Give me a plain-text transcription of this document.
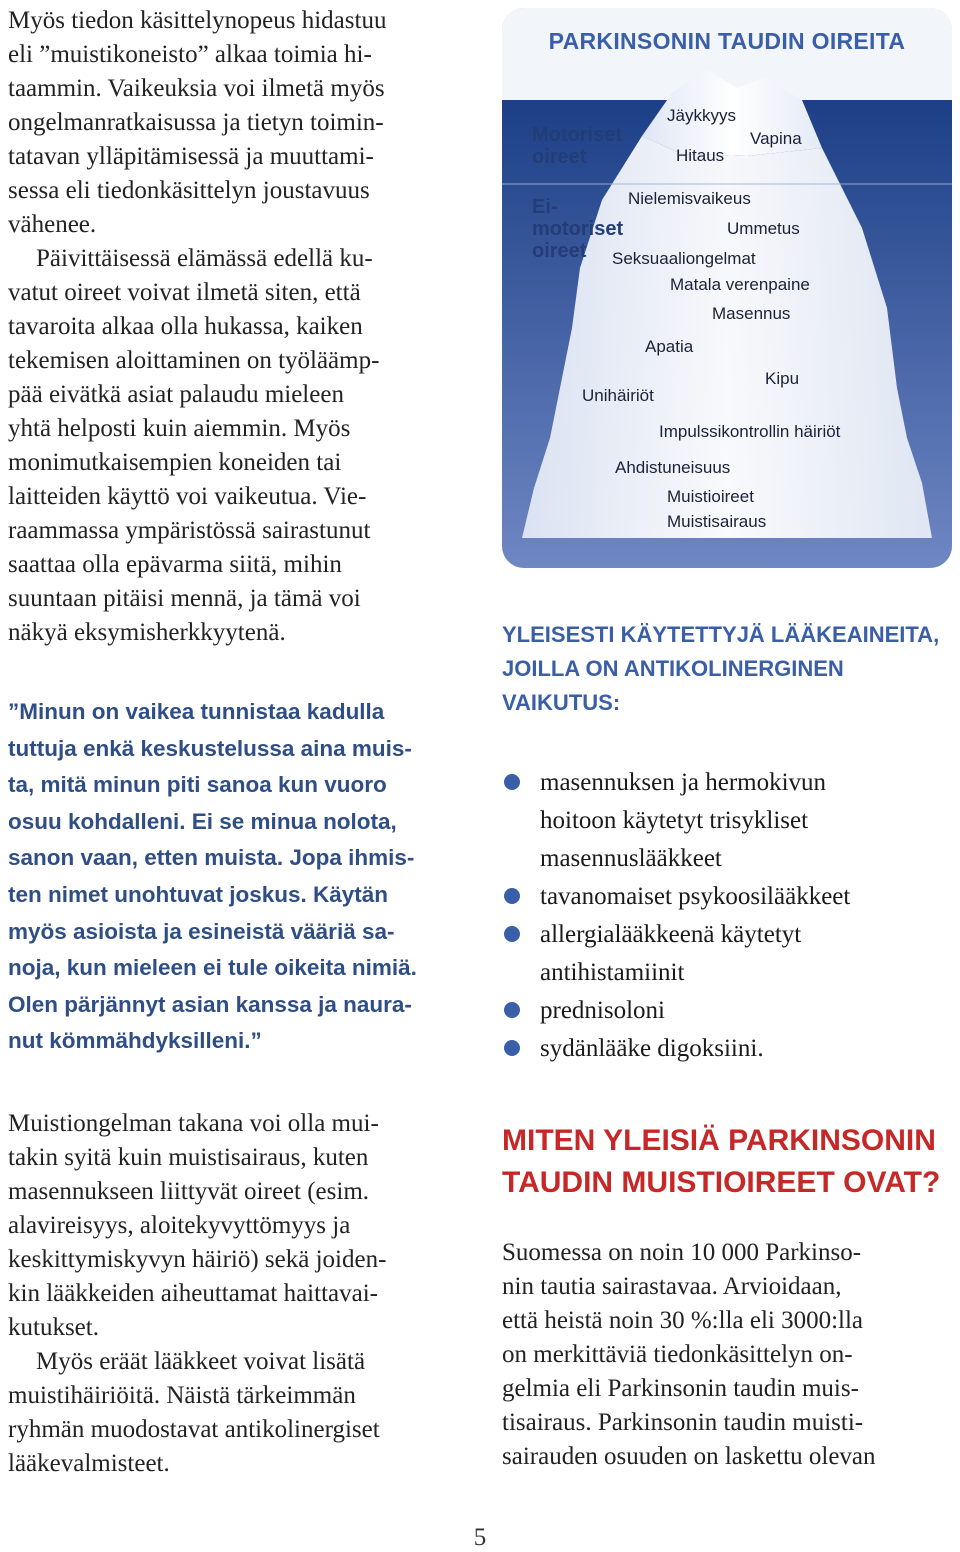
Myös tiedon käsittelynopeus hidastuu
eli ”muistikoneisto” alkaa toimia hi-
taammin. Vaikeuksia voi ilmetä myös
ongelmanratkaisussa ja tietyn toimin-
tatavan ylläpitämisessä ja muuttami-
sessa eli tiedonkäsittelyn joustavuus
vähenee.

Päivittäisessä elämässä edellä ku-
vatut oireet voivat ilmetä siten, että
tavaroita alkaa olla hukassa, kaiken
tekemisen aloittaminen on työläämp-
pää eivätkä asiat palaudu mieleen
yhtä helposti kuin aiemmin. Myös
monimutkaisempien koneiden tai
laitteiden käyttö voi vaikeutua. Vie-
raammassa ympäristössä sairastunut
saattaa olla epävarma siitä, mihin
suuntaan pitäisi mennä, ja tämä voi
näkyä eksymisherkkyytenä.

”Minun on vaikea tunnistaa kadulla
tuttuja enkä keskustelussa aina muis-
ta, mitä minun piti sanoa kun vuoro
osuu kohdalleni. Ei se minua nolota,
sanon vaan, etten muista. Jopa ihmis-
ten nimet unohtuvat joskus. Käytän
myös asioista ja esineistä vääriä sa-
noja, kun mieleen ei tule oikeita nimiä.
Olen pärjännyt asian kanssa ja naura-
nut kömmähdyksilleni.”

Muistiongelman takana voi olla mui-
takin syitä kuin muistisairaus, kuten
masennukseen liittyvät oireet (esim.
alavireisyys, aloitekyvyttömyys ja
keskittymiskyvyn häiriö) sekä joiden-
kin lääkkeiden aiheuttamat haittavai-
kutukset.

Myös eräät lääkkeet voivat lisätä
muistihäiriöitä. Näistä tärkeimmän
ryhmän muodostavat antikolinergiset
lääkevalmisteet.

PARKINSONIN TAUDIN OIREITA
Motoriset
oireet
Ei-
motoriset
oireet
Jäykkyys
Vapina
Hitaus
Nielemisvaikeus
Ummetus
Seksuaaliongelmat
Matala verenpaine
Masennus
Apatia
Kipu
Unihäiriöt
Impulssikontrollin häiriöt
Ahdistuneisuus
Muistioireet
Muistisairaus
YLEISESTI KÄYTETTYJÄ LÄÄKEAINEITA,
JOILLA ON ANTIKOLINERGINEN
VAIKUTUS:
masennuksen ja hermokivun
hoitoon käytetyt trisykliset
masennuslääkkeet
tavanomaiset psykoosilääkkeet
allergialääkkeenä käytetyt
antihistamiinit
prednisoloni
sydänlääke digoksiini.
MITEN YLEISIÄ PARKINSONIN
TAUDIN MUISTIOIREET OVAT?

Suomessa on noin 10 000 Parkinso-
nin tautia sairastavaa. Arvioidaan,
että heistä noin 30 %:lla eli 3000:lla
on merkittäviä tiedonkäsittelyn on-
gelmia eli Parkinsonin taudin muis-
tisairaus. Parkinsonin taudin muisti-
sairauden osuuden on laskettu olevan

5
